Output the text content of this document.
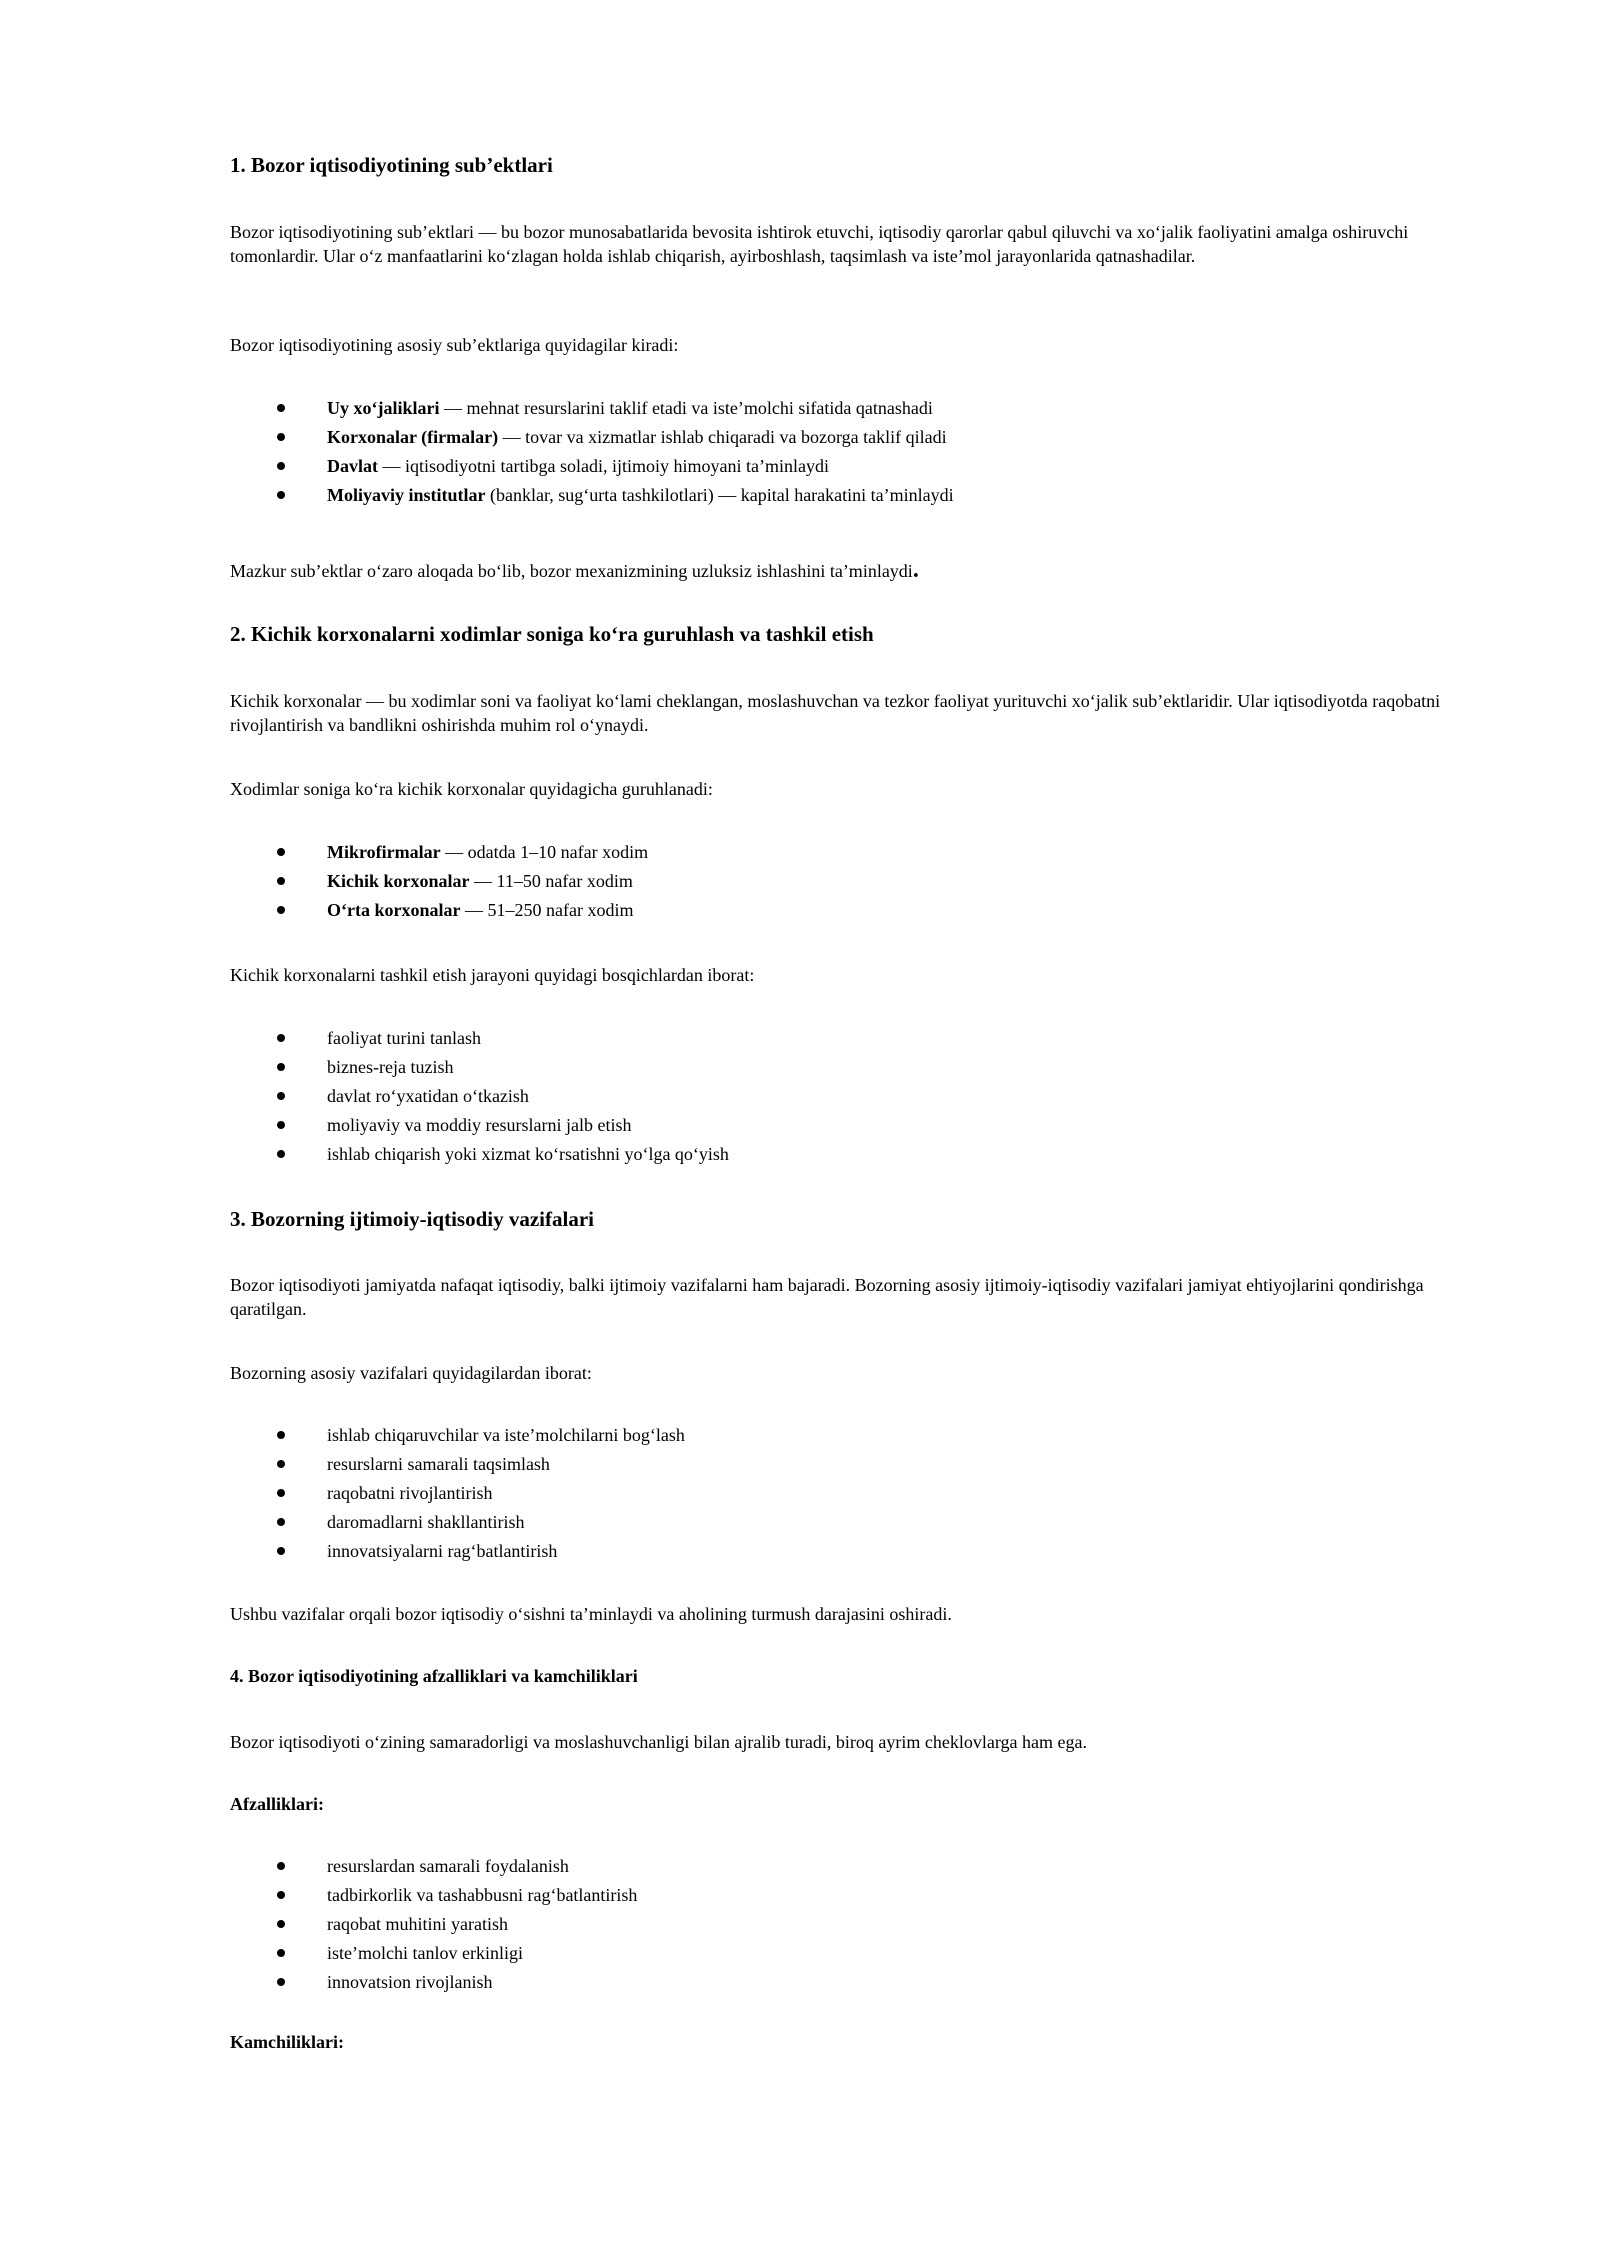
1. Bozor iqtisodiyotining sub’ektlari

Bozor iqtisodiyotining sub’ektlari — bu bozor munosabatlarida bevosita ishtirok etuvchi, iqtisodiy qarorlar qabul qiluvchi va xo‘jalik faoliyatini amalga oshiruvchi tomonlardir. Ular o‘z manfaatlarini ko‘zlagan holda ishlab chiqarish, ayirboshlash, taqsimlash va iste’mol jarayonlarida qatnashadilar.

Bozor iqtisodiyotining asosiy sub’ektlariga quyidagilar kiradi:

Uy xo‘jaliklari — mehnat resurslarini taklif etadi va iste’molchi sifatida qatnashadi
Korxonalar (firmalar) — tovar va xizmatlar ishlab chiqaradi va bozorga taklif qiladi
Davlat — iqtisodiyotni tartibga soladi, ijtimoiy himoyani ta’minlaydi
Moliyaviy institutlar (banklar, sug‘urta tashkilotlari) — kapital harakatini ta’minlaydi

Mazkur sub’ektlar o‘zaro aloqada bo‘lib, bozor mexanizmining uzluksiz ishlashini ta’minlaydi.

2. Kichik korxonalarni xodimlar soniga ko‘ra guruhlash va tashkil etish

Kichik korxonalar — bu xodimlar soni va faoliyat ko‘lami cheklangan, moslashuvchan va tezkor faoliyat yurituvchi xo‘jalik sub’ektlaridir. Ular iqtisodiyotda raqobatni rivojlantirish va bandlikni oshirishda muhim rol o‘ynaydi.

Xodimlar soniga ko‘ra kichik korxonalar quyidagicha guruhlanadi:

Mikrofirmalar — odatda 1–10 nafar xodim
Kichik korxonalar — 11–50 nafar xodim
O‘rta korxonalar — 51–250 nafar xodim

Kichik korxonalarni tashkil etish jarayoni quyidagi bosqichlardan iborat:

faoliyat turini tanlash
biznes-reja tuzish
davlat ro‘yxatidan o‘tkazish
moliyaviy va moddiy resurslarni jalb etish
ishlab chiqarish yoki xizmat ko‘rsatishni yo‘lga qo‘yish
3. Bozorning ijtimoiy-iqtisodiy vazifalari

Bozor iqtisodiyoti jamiyatda nafaqat iqtisodiy, balki ijtimoiy vazifalarni ham bajaradi. Bozorning asosiy ijtimoiy-iqtisodiy vazifalari jamiyat ehtiyojlarini qondirishga qaratilgan.

Bozorning asosiy vazifalari quyidagilardan iborat:

ishlab chiqaruvchilar va iste’molchilarni bog‘lash
resurslarni samarali taqsimlash
raqobatni rivojlantirish
daromadlarni shakllantirish
innovatsiyalarni rag‘batlantirish

Ushbu vazifalar orqali bozor iqtisodiy o‘sishni ta’minlaydi va aholining turmush darajasini oshiradi.

4. Bozor iqtisodiyotining afzalliklari va kamchiliklari

Bozor iqtisodiyoti o‘zining samaradorligi va moslashuvchanligi bilan ajralib turadi, biroq ayrim cheklovlarga ham ega.

Afzalliklari:

resurslardan samarali foydalanish
tadbirkorlik va tashabbusni rag‘batlantirish
raqobat muhitini yaratish
iste’molchi tanlov erkinligi
innovatsion rivojlanish

Kamchiliklari:
